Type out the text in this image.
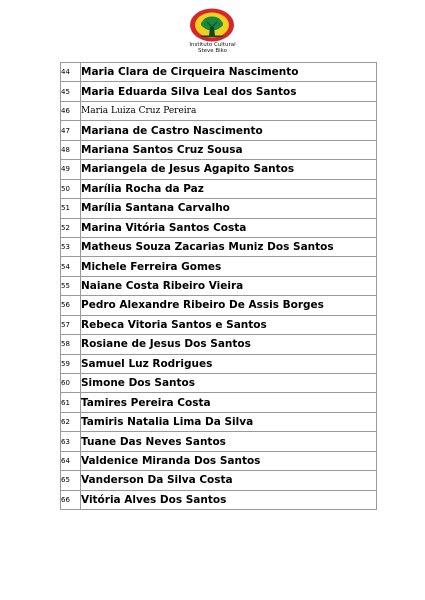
Instituto Cultural
Steve Biko
44	Maria Clara de Cirqueira Nascimento
45	Maria Eduarda Silva Leal dos Santos
46	Maria Luiza Cruz Pereira
47	Mariana de Castro Nascimento
48	Mariana Santos Cruz Sousa
49	Mariangela de Jesus Agapito Santos
50	Marília Rocha da Paz
51	Marília Santana Carvalho
52	Marina Vitória Santos Costa
53	Matheus Souza Zacarias Muniz Dos Santos
54	Michele Ferreira Gomes
55	Naiane Costa Ribeiro Vieira
56	Pedro Alexandre Ribeiro De Assis Borges
57	Rebeca Vitoria Santos e Santos
58	Rosiane de Jesus Dos Santos
59	Samuel Luz Rodrigues
60	Simone Dos Santos
61	Tamires Pereira Costa
62	Tamiris Natalia Lima Da Silva
63	Tuane Das Neves Santos
64	Valdenice Miranda Dos Santos
65	Vanderson Da Silva Costa
66	Vitória Alves Dos Santos
